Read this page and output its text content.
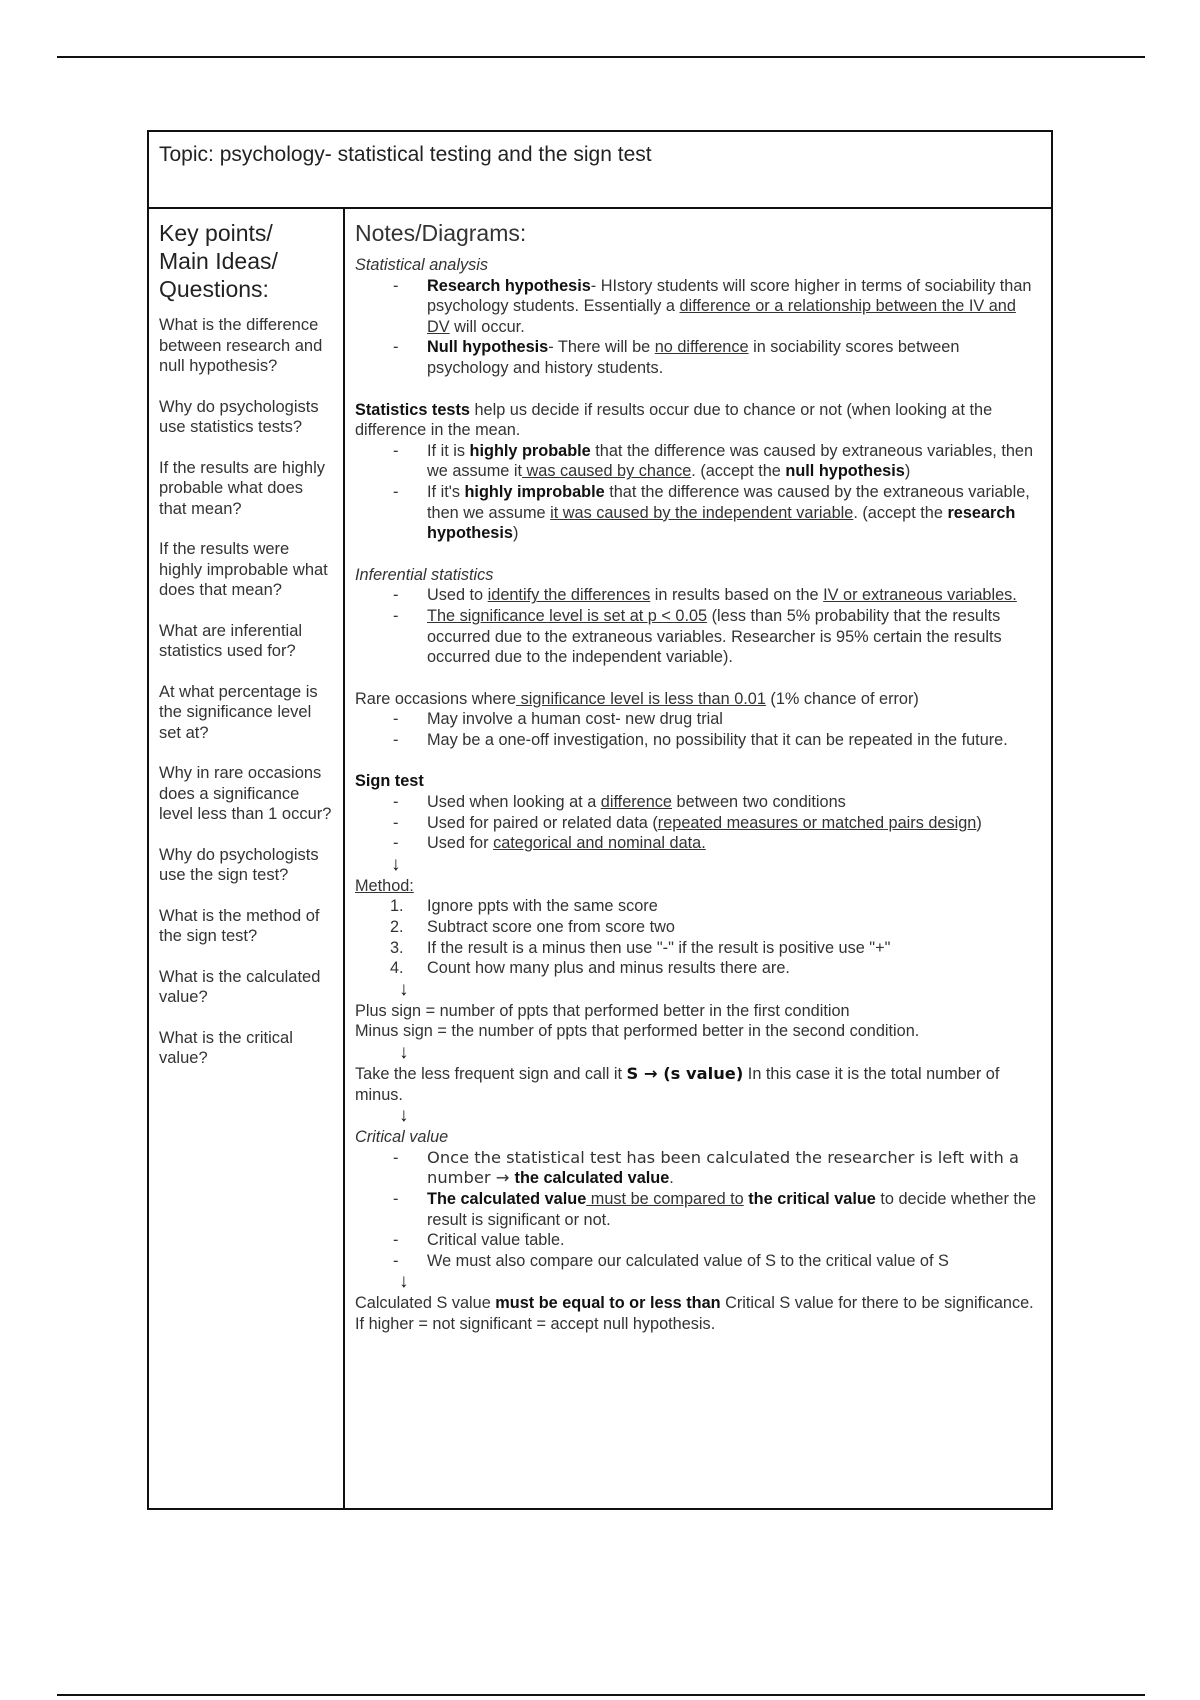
Topic: psychology- statistical testing and the sign test
Key points/
Main Ideas/
Questions:
What is the difference between research and null hypothesis?
Why do psychologists use statistics tests?
If the results are highly probable what does that mean?
If the results were highly improbable what does that mean?
What are inferential statistics used for?
At what percentage is the significance level set at?
Why in rare occasions does a significance level less than 1 occur?
Why do psychologists use the sign test?
What is the method of the sign test?
What is the calculated value?
What is the critical value?
Notes/Diagrams:
Statistical analysis
- Research hypothesis- HIstory students will score higher in terms of sociability than psychology students. Essentially a difference or a relationship between the IV and DV will occur.
- Null hypothesis- There will be no difference in sociability scores between psychology and history students.
Statistics tests help us decide if results occur due to chance or not (when looking at the difference in the mean.
- If it is highly probable that the difference was caused by extraneous variables, then we assume it was caused by chance. (accept the null hypothesis)
- If it's highly improbable that the difference was caused by the extraneous variable, then we assume it was caused by the independent variable. (accept the research hypothesis)
Inferential statistics
- Used to identify the differences in results based on the IV or extraneous variables.
- The significance level is set at p < 0.05 (less than 5% probability that the results occurred due to the extraneous variables. Researcher is 95% certain the results occurred due to the independent variable).
Rare occasions where significance level is less than 0.01 (1% chance of error)
- May involve a human cost- new drug trial
- May be a one-off investigation, no possibility that it can be repeated in the future.
Sign test
- Used when looking at a difference between two conditions
- Used for paired or related data (repeated measures or matched pairs design)
- Used for categorical and nominal data.
↓
Method:
1. Ignore ppts with the same score
2. Subtract score one from score two
3. If the result is a minus then use "-" if the result is positive use "+"
4. Count how many plus and minus results there are.
↓
Plus sign = number of ppts that performed better in the first condition
Minus sign = the number of ppts that performed better in the second condition.
↓
Take the less frequent sign and call it S → (s value) In this case it is the total number of minus.
↓
Critical value
- Once the statistical test has been calculated the researcher is left with a number → the calculated value.
- The calculated value must be compared to the critical value to decide whether the result is significant or not.
- Critical value table.
- We must also compare our calculated value of S to the critical value of S
↓
Calculated S value must be equal to or less than Critical S value for there to be significance.
If higher = not significant = accept null hypothesis.
